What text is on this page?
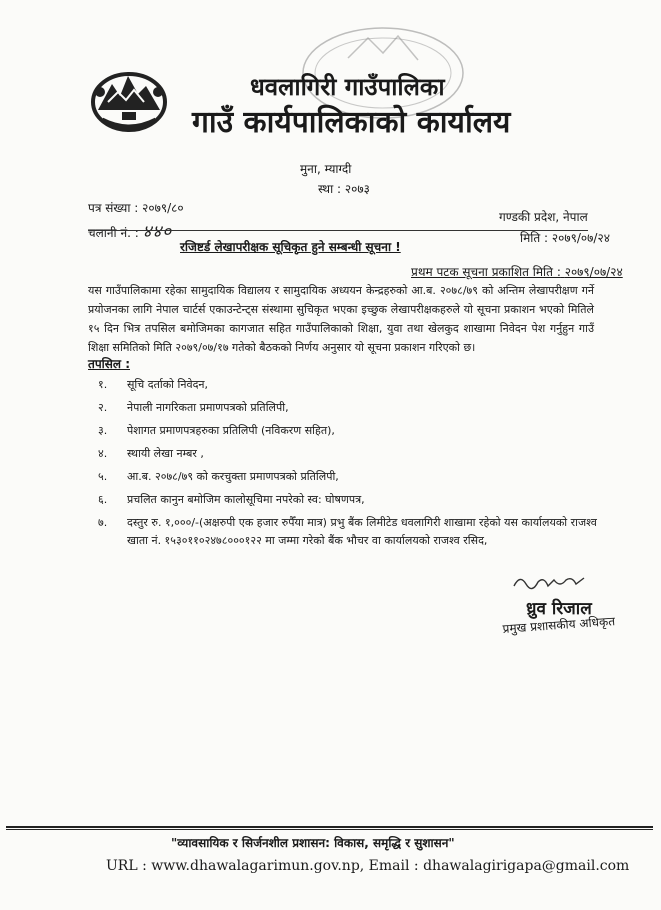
धवलागिरी गाउँपालिका
गाउँ कार्यपालिकाको कार्यालय
मुना, म्याग्दी
स्था : २०७३
पत्र संख्या : २०७९/८०
चलानी नं. : ४४०
गण्डकी प्रदेश, नेपाल
मिति : २०७९/०७/२४
रजिष्टर्ड लेखापरीक्षक सूचिकृत हुने सम्बन्धी सूचना !
प्रथम पटक सूचना प्रकाशित मिति : २०७९/०७/२४
यस गाउँपालिकामा रहेका सामुदायिक विद्यालय र सामुदायिक अध्ययन केन्द्रहरुको आ.ब. २०७८/७९ को अन्तिम लेखापरीक्षण गर्ने प्रयोजनका लागि नेपाल चार्टर्स एकाउन्टेन्ट्स संस्थामा सुचिकृत भएका इच्छुक लेखापरीक्षकहरुले यो सूचना प्रकाशन भएको मितिले १५ दिन भित्र तपसिल बमोजिमका कागजात सहित गाउँपालिकाको शिक्षा, युवा तथा खेलकुद शाखामा निवेदन पेश गर्नुहुन गाउँ शिक्षा समितिको मिति २०७९/०७/१७ गतेको बैठकको निर्णय अनुसार यो सूचना प्रकाशन गरिएको छ।
तपसिल :
१.	सूचि दर्ताको निवेदन,
२.	नेपाली नागरिकता प्रमाणपत्रको प्रतिलिपी,
३.	पेशागत प्रमाणपत्रहरुका प्रतिलिपी (नविकरण सहित),
४.	स्थायी लेखा नम्बर ,
५.	आ.ब. २०७८/७९ को करचुक्ता प्रमाणपत्रको प्रतिलिपी,
६.	प्रचलित कानुन बमोजिम कालोसूचिमा नपरेको स्व: घोषणपत्र,
७.	दस्तुर रु. १,०००/-(अक्षरुपी एक हजार रुपैँया मात्र) प्रभु बैंक लिमीटेड धवलागिरी शाखामा रहेको यस कार्यालयको राजश्व खाता नं. १५३०११०२४७८०००१२२ मा जम्मा गरेको बैंक भौचर वा कार्यालयको राजश्व रसिद,
ध्रुव रिजाल
प्रमुख प्रशासकीय अधिकृत
"व्यावसायिक र सिर्जनशील प्रशासन: विकास, समृद्धि र सुशासन"
URL : www.dhawalagarimun.gov.np, Email : dhawalagirigapa@gmail.com
